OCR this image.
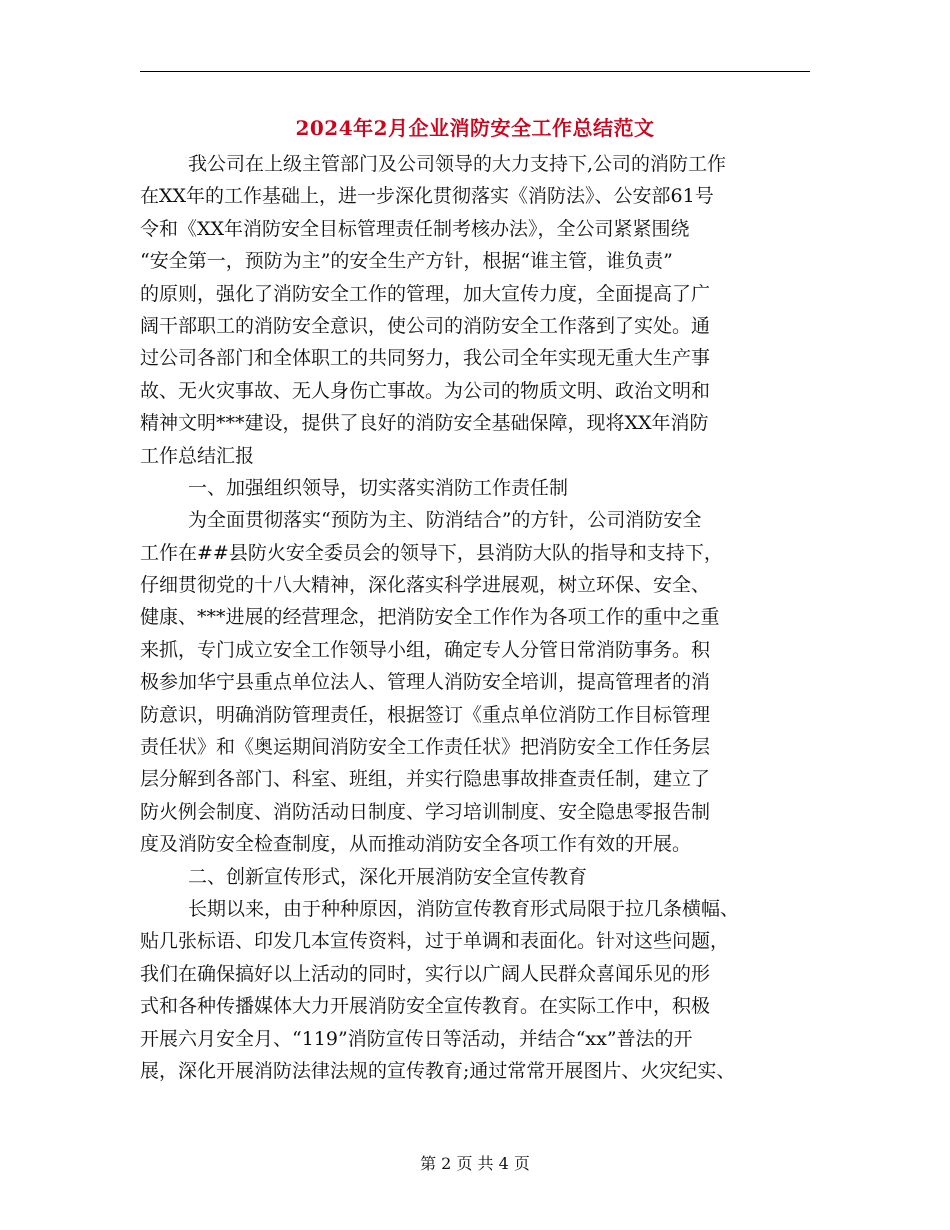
2024年2月企业消防安全工作总结范文
我公司在上级主管部门及公司领导的大力支持下,公司的消防工作
在XX年的工作基础上，进一步深化贯彻落实《消防法》、公安部61号
令和《XX年消防安全目标管理责任制考核办法》，全公司紧紧围绕
“安全第一，预防为主”的安全生产方针，根据“谁主管，谁负责”
的原则，强化了消防安全工作的管理，加大宣传力度，全面提高了广
阔干部职工的消防安全意识，使公司的消防安全工作落到了实处。通
过公司各部门和全体职工的共同努力，我公司全年实现无重大生产事
故、无火灾事故、无人身伤亡事故。为公司的物质文明、政治文明和
精神文明***建设，提供了良好的消防安全基础保障，现将XX年消防
工作总结汇报
一、加强组织领导，切实落实消防工作责任制
为全面贯彻落实“预防为主、防消结合”的方针，公司消防安全
工作在##县防火安全委员会的领导下，县消防大队的指导和支持下，
仔细贯彻党的十八大精神，深化落实科学进展观，树立环保、安全、
健康、***进展的经营理念，把消防安全工作作为各项工作的重中之重
来抓，专门成立安全工作领导小组，确定专人分管日常消防事务。积
极参加华宁县重点单位法人、管理人消防安全培训，提高管理者的消
防意识，明确消防管理责任，根据签订《重点单位消防工作目标管理
责任状》和《奥运期间消防安全工作责任状》把消防安全工作任务层
层分解到各部门、科室、班组，并实行隐患事故排查责任制，建立了
防火例会制度、消防活动日制度、学习培训制度、安全隐患零报告制
度及消防安全检查制度，从而推动消防安全各项工作有效的开展。
二、创新宣传形式，深化开展消防安全宣传教育
长期以来，由于种种原因，消防宣传教育形式局限于拉几条横幅、
贴几张标语、印发几本宣传资料，过于单调和表面化。针对这些问题，
我们在确保搞好以上活动的同时，实行以广阔人民群众喜闻乐见的形
式和各种传播媒体大力开展消防安全宣传教育。在实际工作中，积极
开展六月安全月、“119”消防宣传日等活动，并结合“xx”普法的开
展，深化开展消防法律法规的宣传教育;通过常常开展图片、火灾纪实、
第 2 页 共 4 页
